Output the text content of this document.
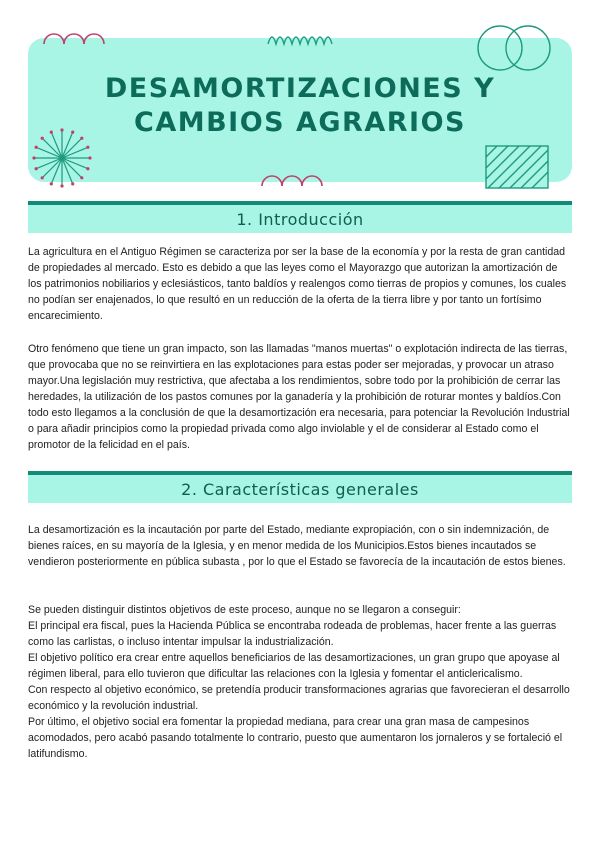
DESAMORTIZACIONES Y
CAMBIOS AGRARIOS
1. Introducción

La agricultura en el Antiguo Régimen se caracteriza por ser la base de la economía y por la resta de gran cantidad de propiedades al mercado. Esto es debido a que las leyes como el Mayorazgo que autorizan la amortización de los patrimonios nobiliarios y eclesiásticos, tanto baldíos y realengos como tierras de propios y comunes, los cuales no podían ser enajenados, lo que resultó en un reducción de la oferta de la tierra libre y por tanto un fortísimo encarecimiento.

Otro fenómeno que tiene un gran impacto, son las llamadas "manos muertas" o explotación indirecta de las tierras, que provocaba que no se reinvirtiera en las explotaciones para estas poder ser mejoradas, y provocar un atraso mayor.Una legislación muy restrictiva, que afectaba a los rendimientos, sobre todo por la prohibición de cerrar las heredades, la utilización de los pastos comunes por la ganadería y la prohibición de roturar montes y baldíos.Con todo esto llegamos a la conclusión de que la desamortización era necesaria, para potenciar la Revolución Industrial o para añadir principios como la propiedad privada como algo inviolable y el de considerar al Estado como el promotor de la felicidad en el país.

2. Características generales

La desamortización es la incautación por parte del Estado, mediante expropiación, con o sin indemnización, de bienes raíces, en su mayoría de la Iglesia, y en menor medida de los Municipios.Estos bienes incautados se vendieron posteriormente en pública subasta , por lo que el Estado se favorecía de la incautación de estos bienes.

Se pueden distinguir distintos objetivos de este proceso, aunque no se llegaron a conseguir:
El principal era fiscal, pues la Hacienda Pública se encontraba rodeada de problemas, hacer frente a las guerras como las carlistas, o incluso intentar impulsar la industrialización.
El objetivo político era crear entre aquellos beneficiarios de las desamortizaciones, un gran grupo que apoyase al régimen liberal, para ello tuvieron que dificultar las relaciones con la Iglesia y fomentar el anticlericalismo.
Con respecto al objetivo económico, se pretendía producir transformaciones agrarias que favorecieran el desarrollo económico y la revolución industrial.
Por último, el objetivo social era fomentar la propiedad mediana, para crear una gran masa de campesinos acomodados, pero acabó pasando totalmente lo contrario, puesto que aumentaron los jornaleros y se fortaleció el latifundismo.
